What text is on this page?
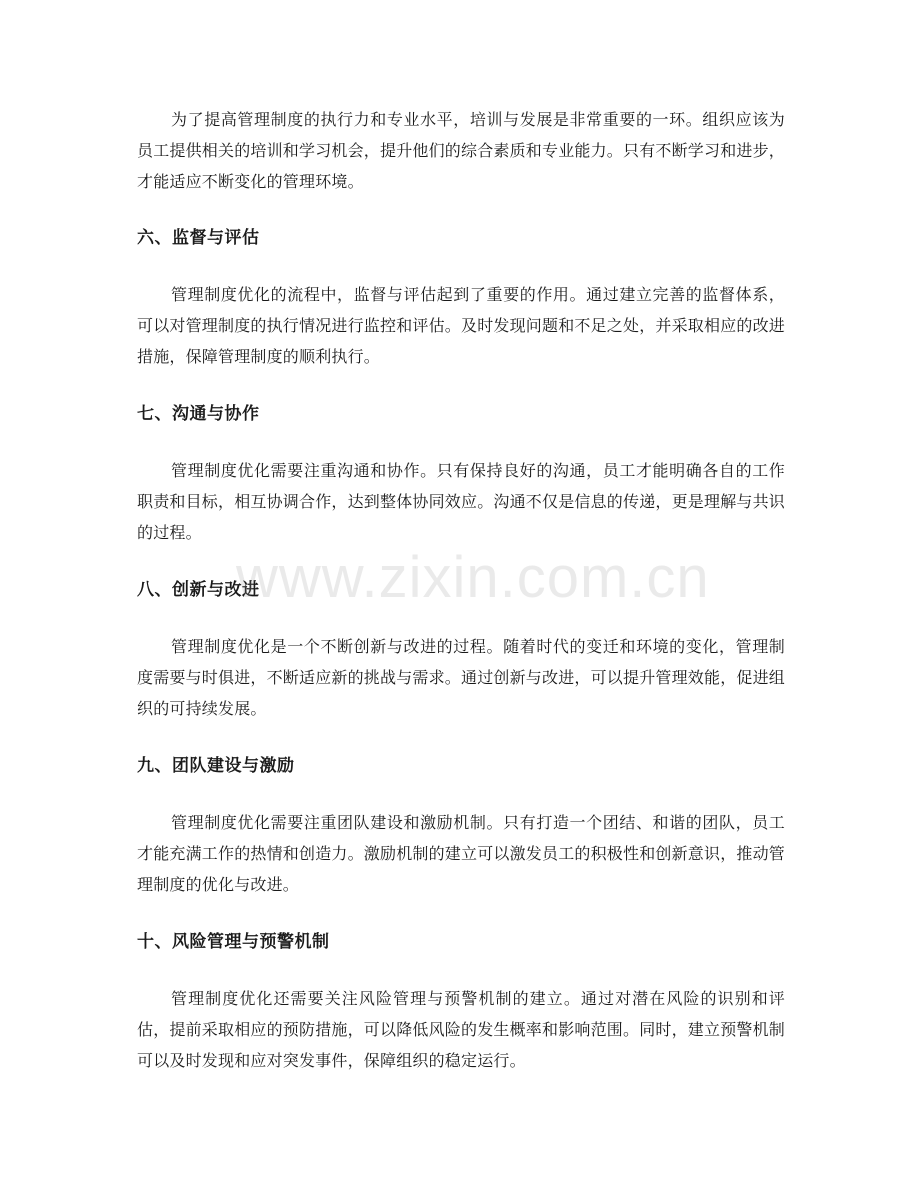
为了提高管理制度的执行力和专业水平，培训与发展是非常重要的一环。组织应该为员工提供相关的培训和学习机会，提升他们的综合素质和专业能力。只有不断学习和进步，才能适应不断变化的管理环境。

六、监督与评估

管理制度优化的流程中，监督与评估起到了重要的作用。通过建立完善的监督体系，可以对管理制度的执行情况进行监控和评估。及时发现问题和不足之处，并采取相应的改进措施，保障管理制度的顺利执行。

七、沟通与协作

管理制度优化需要注重沟通和协作。只有保持良好的沟通，员工才能明确各自的工作职责和目标，相互协调合作，达到整体协同效应。沟通不仅是信息的传递，更是理解与共识的过程。

八、创新与改进

管理制度优化是一个不断创新与改进的过程。随着时代的变迁和环境的变化，管理制度需要与时俱进，不断适应新的挑战与需求。通过创新与改进，可以提升管理效能，促进组织的可持续发展。

九、团队建设与激励

管理制度优化需要注重团队建设和激励机制。只有打造一个团结、和谐的团队，员工才能充满工作的热情和创造力。激励机制的建立可以激发员工的积极性和创新意识，推动管理制度的优化与改进。

十、风险管理与预警机制

管理制度优化还需要关注风险管理与预警机制的建立。通过对潜在风险的识别和评估，提前采取相应的预防措施，可以降低风险的发生概率和影响范围。同时，建立预警机制可以及时发现和应对突发事件，保障组织的稳定运行。

www.zixin.com.cn
